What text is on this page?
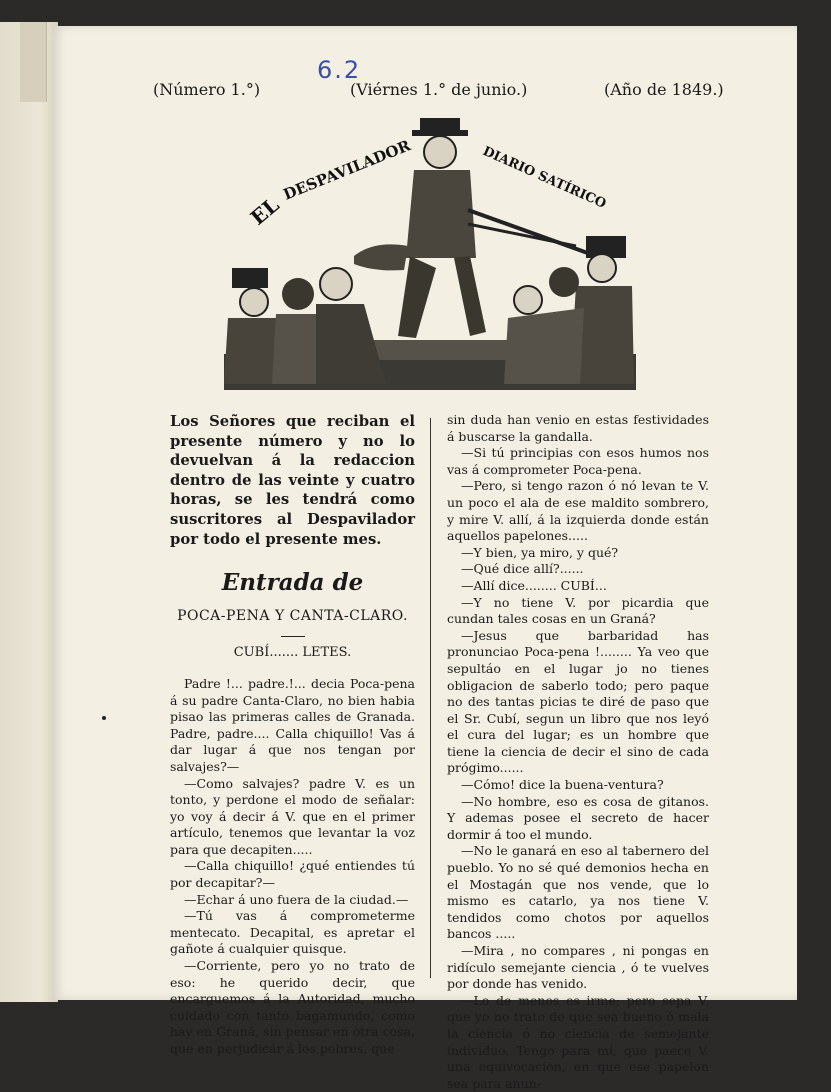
6.2
(Número 1.°)	(Viérnes 1.° de junio.)	(Año de 1849.)
EL
DESPAVILADOR	DIARIO SATÍRICO

Los Señores que reciban el presente número y no lo devuelvan á la redaccion dentro de las veinte y cuatro horas, se les tendrá como suscritores al Despavilador por todo el presente mes.

Entrada de
POCA-PENA Y CANTA-CLARO.
CUBÍ....... LETES.

Padre !... padre.!... decia Poca-pena á su padre Canta-Claro, no bien habia pisao las primeras calles de Granada. Padre, padre.... Calla chiquillo! Vas á dar lugar á que nos tengan por salvajes?—

—Como salvajes? padre V. es un tonto, y perdone el modo de señalar: yo voy á decir á V. que en el primer artículo, tenemos que levantar la voz para que decapiten.....

—Calla chiquillo! ¿qué entiendes tú por decapitar?—

—Echar á uno fuera de la ciudad.—

—Tú vas á comprometerme mentecato. Decapital, es apretar el gañote á cualquier quisque.

—Corriente, pero yo no trato de eso: he querido decir, que encarguemos á la Autoridad, mucho cuidado con tanto bagamundo, como hay en Graná, sin pensar en otra cosa, que en perjudicár á los pobres, que

sin duda han venio en estas festividades á buscarse la gandalla.

—Si tú principias con esos humos nos vas á comprometer Poca-pena.

—Pero, si tengo razon ó nó levan te V. un poco el ala de ese maldito sombrero, y mire V. allí, á la izquierda donde están aquellos papelones.....

—Y bien, ya miro, y qué?

—Qué dice allí?......

—Allí dice........ CUBÍ...

—Y no tiene V. por picardia que cundan tales cosas en un Graná?

—Jesus que barbaridad has pronunciao Poca-pena !........ Ya veo que sepultáo en el lugar jo no tienes obligacion de saberlo todo; pero paque no des tantas picias te diré de paso que el Sr. Cubí, segun un libro que nos leyó el cura del lugar; es un hombre que tiene la ciencia de decir el sino de cada prógimo......

—Cómo! dice la buena-ventura?

—No hombre, eso es cosa de gitanos. Y ademas posee el secreto de hacer dormir á too el mundo.

—No le ganará en eso al tabernero del pueblo. Yo no sé qué demonios hecha en el Mostagán que nos vende, que lo mismo es catarlo, ya nos tiene V. tendidos como chotos por aquellos bancos .....

—Mira , no compares , ni pongas en ridículo semejante ciencia , ó te vuelves por donde has venido.

—Lo de menos es irme; pero sepa V. que yo no trato de que sea bueno ó mala la ciencia ó no ciencia de semejante individuo. Tengo para mí, que paece V. una equivocacion, en que ese papelon sea para anun-
